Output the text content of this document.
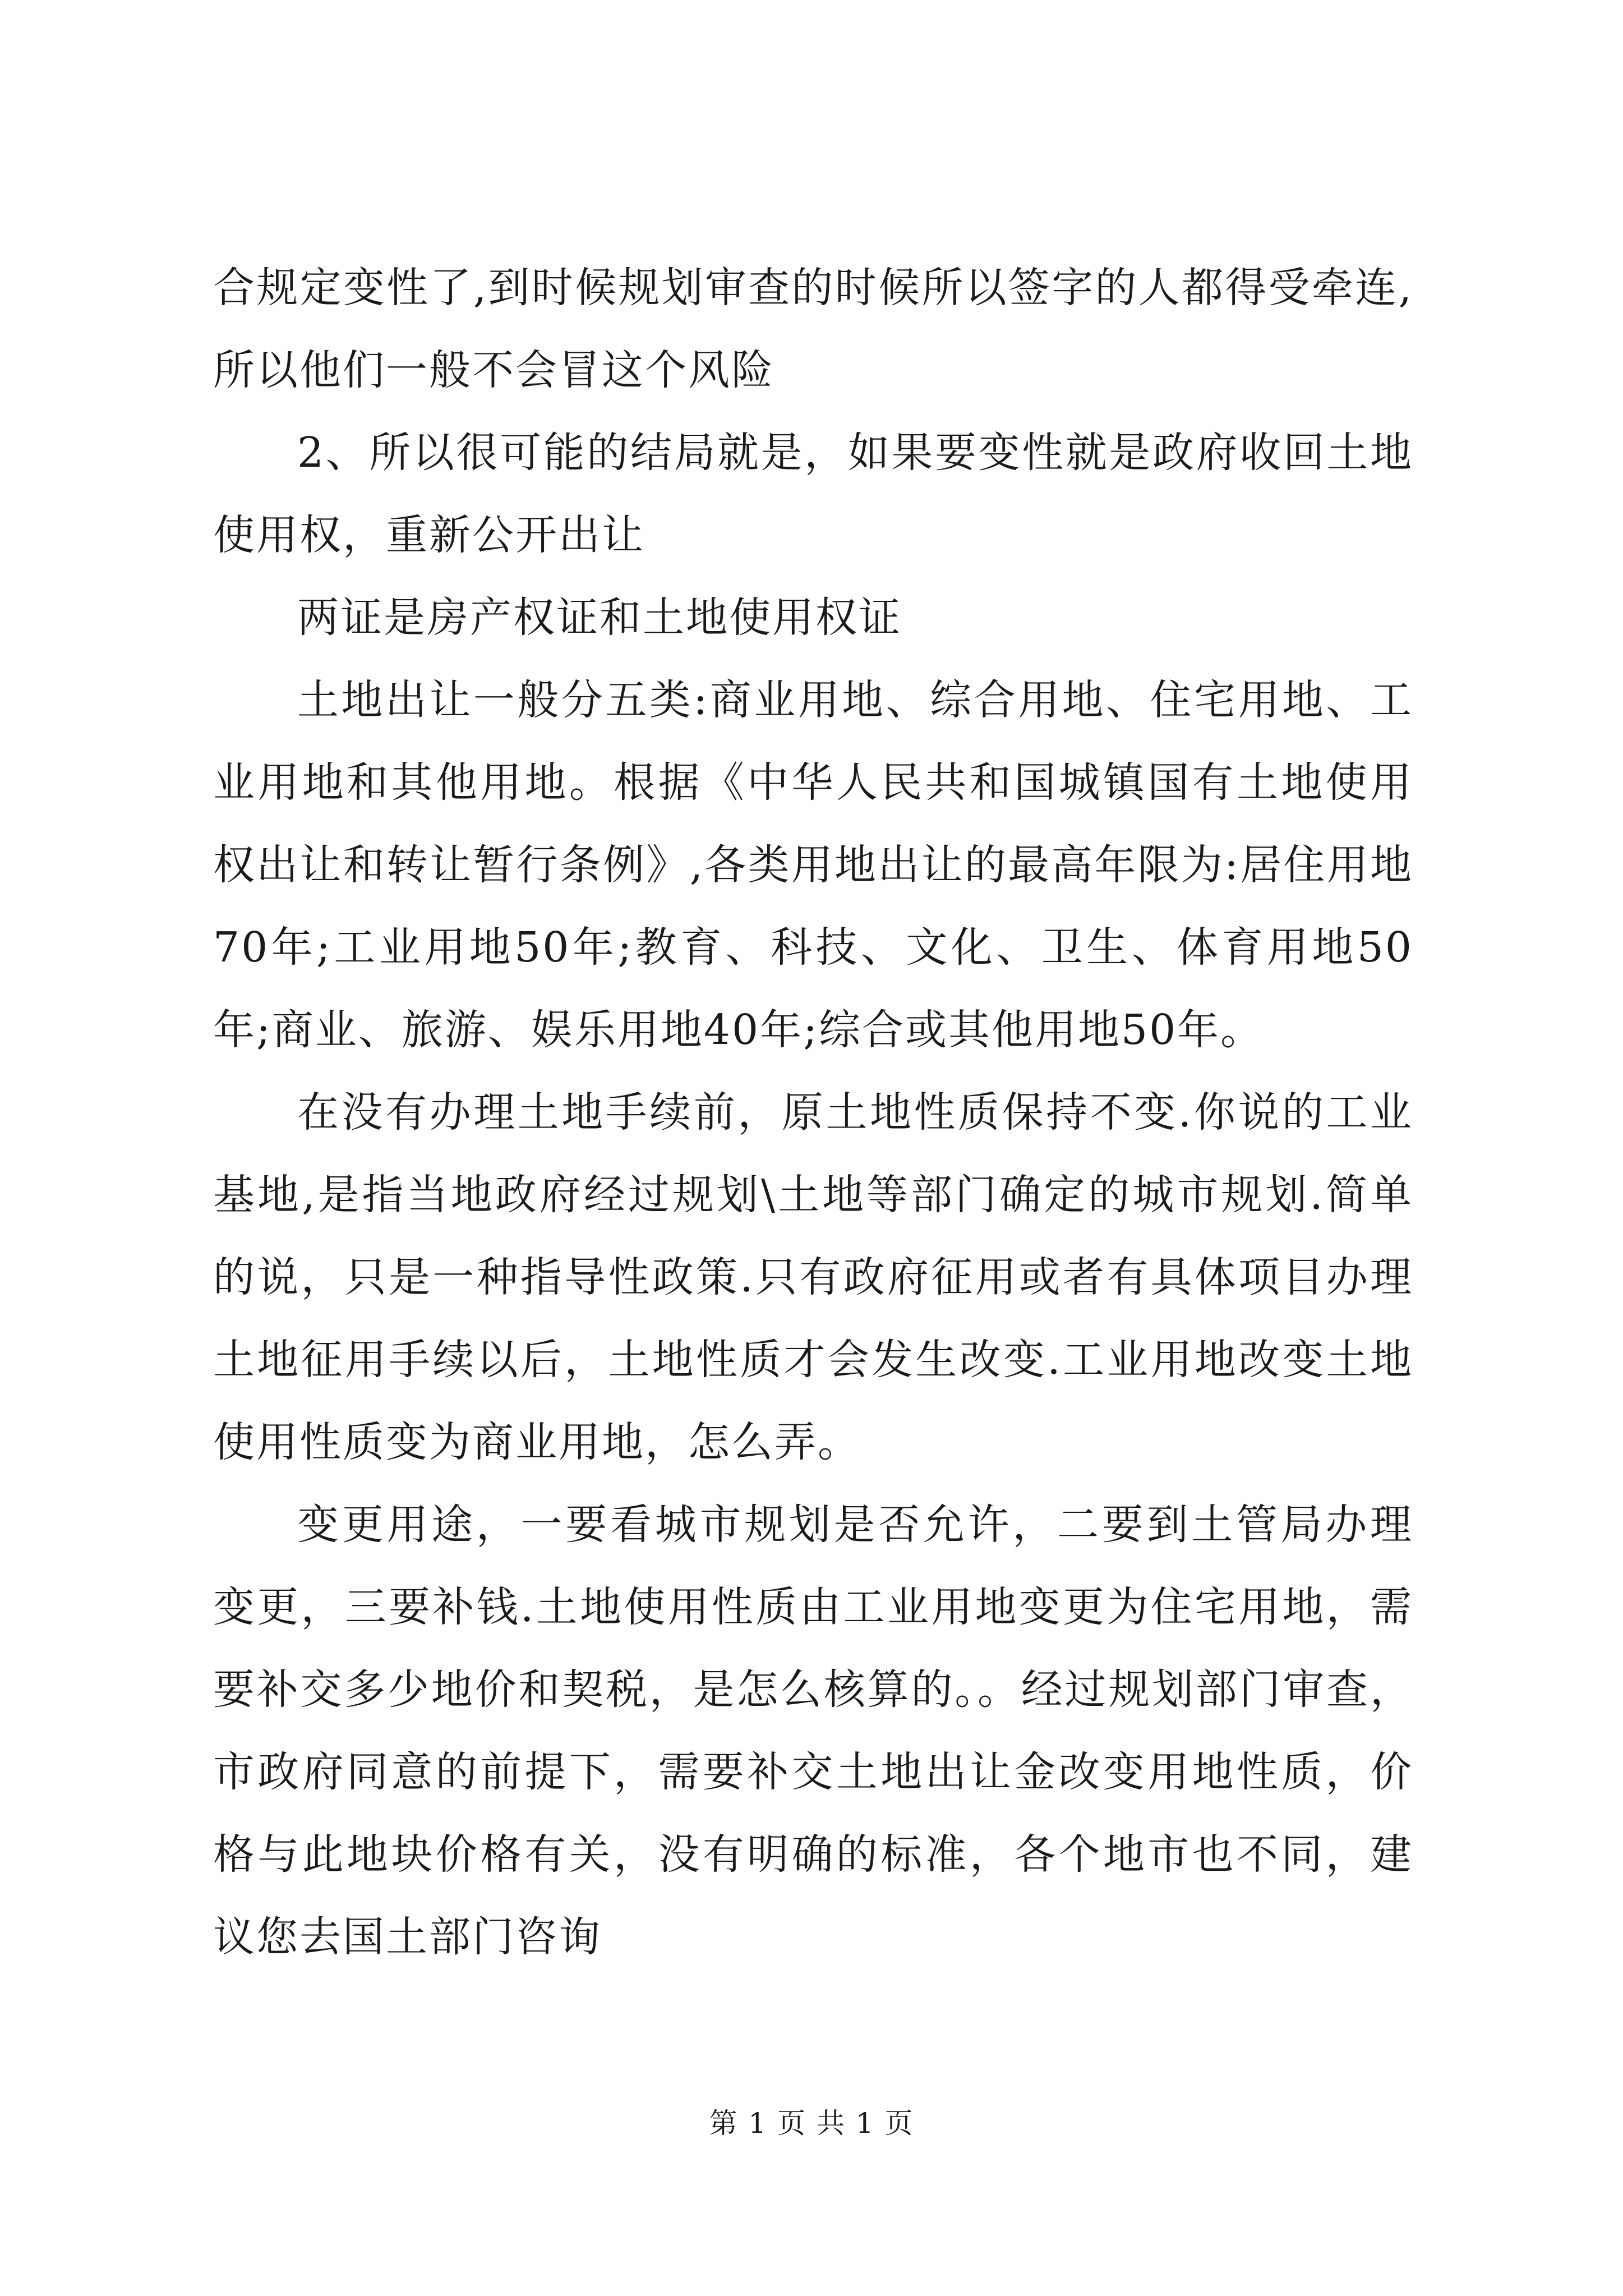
合规定变性了,到时候规划审查的时候所以签字的人都得受牵连,所以他们一般不会冒这个风险

2、所以很可能的结局就是，如果要变性就是政府收回土地使用权，重新公开出让

两证是房产权证和土地使用权证

土地出让一般分五类:商业用地、综合用地、住宅用地、工业用地和其他用地。根据《中华人民共和国城镇国有土地使用权出让和转让暂行条例》,各类用地出让的最高年限为:居住用地70年;工业用地50年;教育、科技、文化、卫生、体育用地50年;商业、旅游、娱乐用地40年;综合或其他用地50年。

在没有办理土地手续前，原土地性质保持不变.你说的工业基地,是指当地政府经过规划\土地等部门确定的城市规划.简单的说，只是一种指导性政策.只有政府征用或者有具体项目办理土地征用手续以后，土地性质才会发生改变.工业用地改变土地使用性质变为商业用地，怎么弄。

变更用途，一要看城市规划是否允许，二要到土管局办理变更，三要补钱.土地使用性质由工业用地变更为住宅用地，需要补交多少地价和契税，是怎么核算的。。经过规划部门审查，市政府同意的前提下，需要补交土地出让金改变用地性质，价格与此地块价格有关，没有明确的标准，各个地市也不同，建议您去国土部门咨询

第 1 页 共 1 页
